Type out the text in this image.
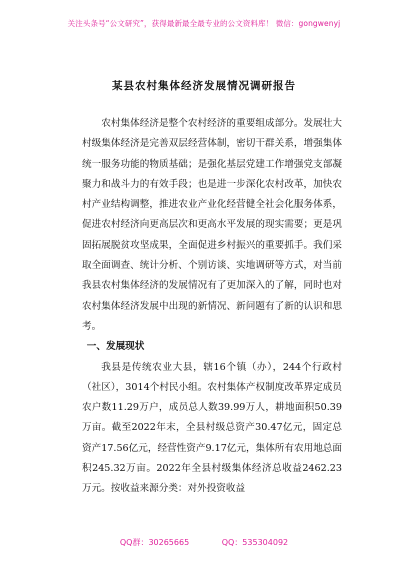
关注头条号“公文研究”，获得最新最全最专业的公文资料库！ 微信：gongwenyj
某县农村集体经济发展情况调研报告

农村集体经济是整个农村经济的重要组成部分。发展壮大村级集体经济是完善双层经营体制，密切干群关系，增强集体统一服务功能的物质基础；是强化基层党建工作增强党支部凝聚力和战斗力的有效手段；也是进一步深化农村改革，加快农村产业结构调整，推进农业产业化经营健全社会化服务体系，促进农村经济向更高层次和更高水平发展的现实需要；更是巩固拓展脱贫攻坚成果，全面促进乡村振兴的重要抓手。我们采取全面调查、统计分析、个别访谈、实地调研等方式，对当前我县农村集体经济的发展情况有了更加深入的了解，同时也对农村集体经济发展中出现的新情况、新问题有了新的认识和思考。

一、发展现状

我县是传统农业大县，辖16个镇（办），244个行政村（社区），3014个村民小组。农村集体产权制度改革界定成员农户数11.29万户，成员总人数39.99万人，耕地面积50.39万亩。截至2022年末，全县村级总资产30.47亿元，固定总资产17.56亿元，经营性资产9.17亿元，集体所有农用地总面积245.32万亩。2022年全县村级集体经济总收益2462.23万元。按收益来源分类：对外投资收益

QQ群：30265665	QQ：535304092
